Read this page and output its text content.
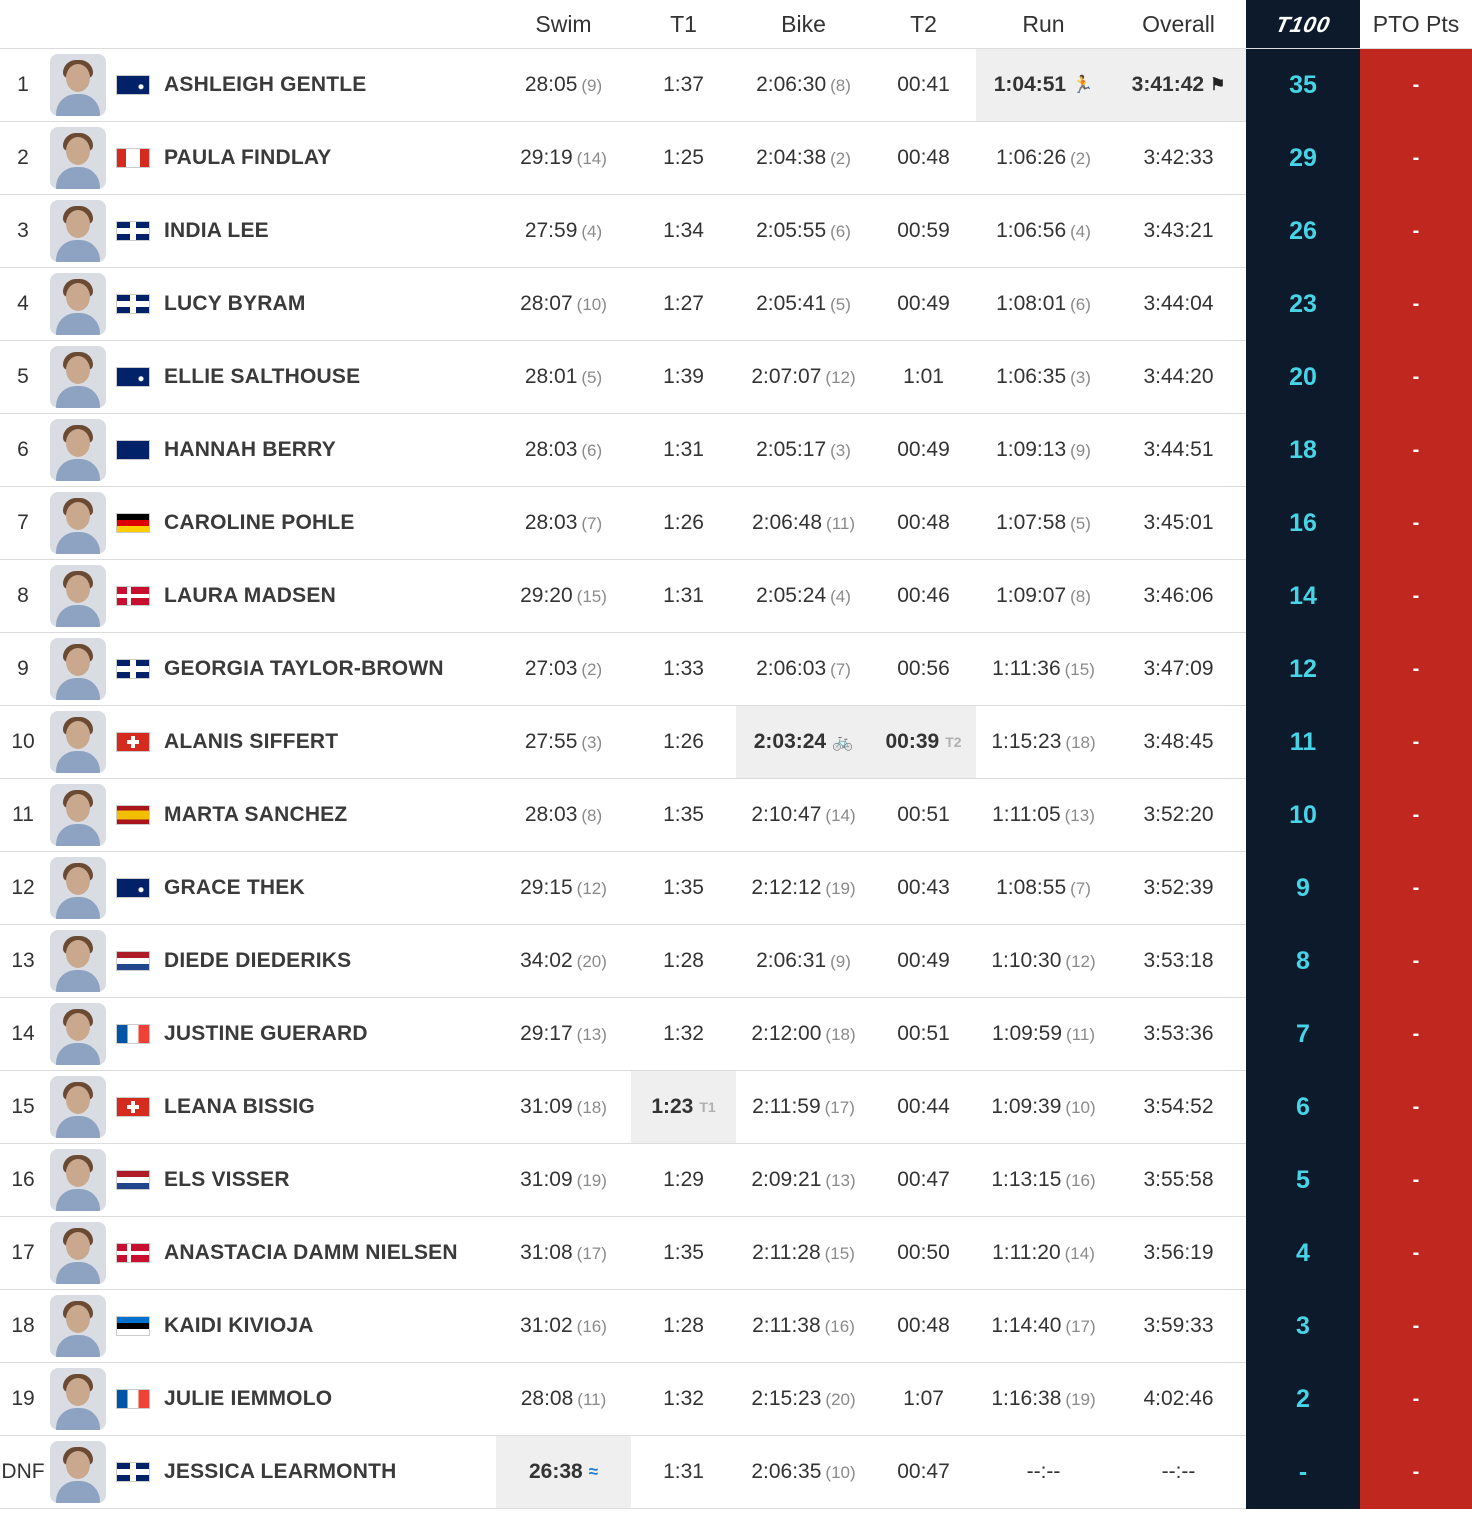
				Swim	T1	Bike	T2	Run	Overall	T100	PTO Pts
1			ASHLEIGH GENTLE	28:05 (9)	1:37	2:06:30 (8)	00:41	1:04:51 🏃	3:41:42 ⚑	35	-
2			PAULA FINDLAY	29:19 (14)	1:25	2:04:38 (2)	00:48	1:06:26 (2)	3:42:33	29	-
3			INDIA LEE	27:59 (4)	1:34	2:05:55 (6)	00:59	1:06:56 (4)	3:43:21	26	-
4			LUCY BYRAM	28:07 (10)	1:27	2:05:41 (5)	00:49	1:08:01 (6)	3:44:04	23	-
5			ELLIE SALTHOUSE	28:01 (5)	1:39	2:07:07 (12)	1:01	1:06:35 (3)	3:44:20	20	-
6			HANNAH BERRY	28:03 (6)	1:31	2:05:17 (3)	00:49	1:09:13 (9)	3:44:51	18	-
7			CAROLINE POHLE	28:03 (7)	1:26	2:06:48 (11)	00:48	1:07:58 (5)	3:45:01	16	-
8			LAURA MADSEN	29:20 (15)	1:31	2:05:24 (4)	00:46	1:09:07 (8)	3:46:06	14	-
9			GEORGIA TAYLOR-BROWN	27:03 (2)	1:33	2:06:03 (7)	00:56	1:11:36 (15)	3:47:09	12	-
10			ALANIS SIFFERT	27:55 (3)	1:26	2:03:24 🚲	00:39 T2	1:15:23 (18)	3:48:45	11	-
11			MARTA SANCHEZ	28:03 (8)	1:35	2:10:47 (14)	00:51	1:11:05 (13)	3:52:20	10	-
12			GRACE THEK	29:15 (12)	1:35	2:12:12 (19)	00:43	1:08:55 (7)	3:52:39	9	-
13			DIEDE DIEDERIKS	34:02 (20)	1:28	2:06:31 (9)	00:49	1:10:30 (12)	3:53:18	8	-
14			JUSTINE GUERARD	29:17 (13)	1:32	2:12:00 (18)	00:51	1:09:59 (11)	3:53:36	7	-
15			LEANA BISSIG	31:09 (18)	1:23 T1	2:11:59 (17)	00:44	1:09:39 (10)	3:54:52	6	-
16			ELS VISSER	31:09 (19)	1:29	2:09:21 (13)	00:47	1:13:15 (16)	3:55:58	5	-
17			ANASTACIA DAMM NIELSEN	31:08 (17)	1:35	2:11:28 (15)	00:50	1:11:20 (14)	3:56:19	4	-
18			KAIDI KIVIOJA	31:02 (16)	1:28	2:11:38 (16)	00:48	1:14:40 (17)	3:59:33	3	-
19			JULIE IEMMOLO	28:08 (11)	1:32	2:15:23 (20)	1:07	1:16:38 (19)	4:02:46	2	-
DNF			JESSICA LEARMONTH	26:38 ≈	1:31	2:06:35 (10)	00:47	--:--	--:--	-	-
